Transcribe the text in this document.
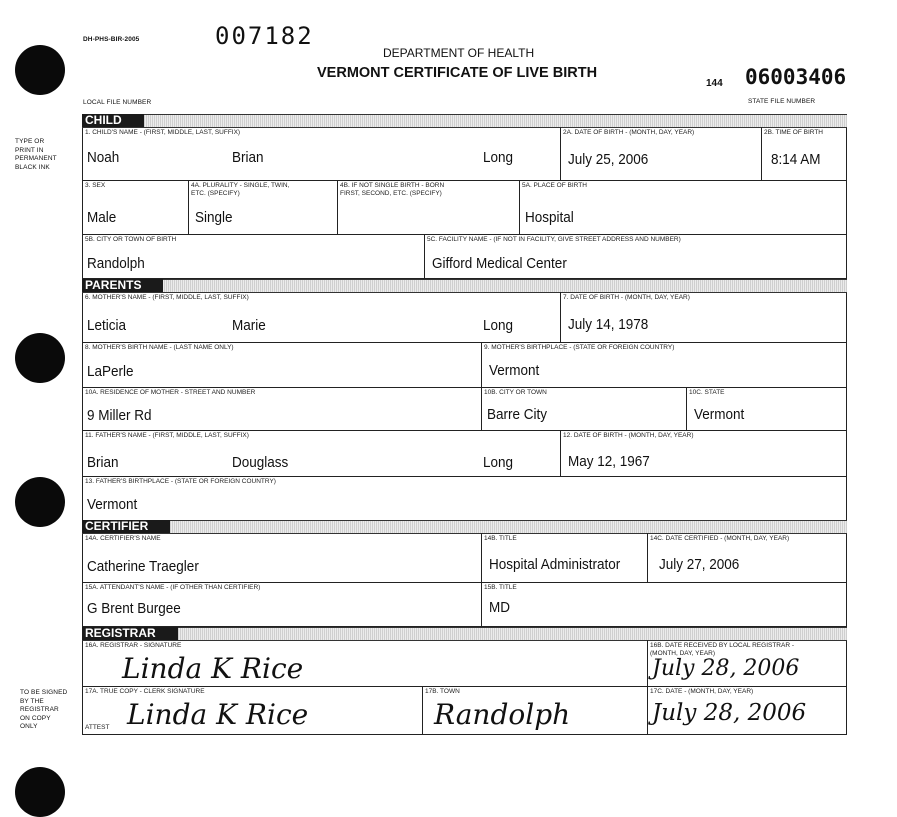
DH-PHS-BIR-2005	007182
DEPARTMENT OF HEALTH
VERMONT CERTIFICATE OF LIVE BIRTH
144 06003406
LOCAL FILE NUMBER	STATE FILE NUMBER
TYPE OR
PRINT IN
PERMANENT
BLACK INK
TO BE SIGNED
BY THE
REGISTRAR
ON COPY
ONLY
CHILD
1. CHILD'S NAME - (FIRST, MIDDLE, LAST, SUFFIX)
Noah	Brian	Long
2A. DATE OF BIRTH - (MONTH, DAY, YEAR)
July 25, 2006
2B. TIME OF BIRTH
8:14 AM
3. SEX
Male
4A. PLURALITY - SINGLE, TWIN, ETC. (SPECIFY)
Single
4B. IF NOT SINGLE BIRTH - BORN FIRST, SECOND, ETC. (SPECIFY)
5A. PLACE OF BIRTH
Hospital
5B. CITY OR TOWN OF BIRTH
Randolph
5C. FACILITY NAME - (IF NOT IN FACILITY, GIVE STREET ADDRESS AND NUMBER)
Gifford Medical Center
PARENTS
6. MOTHER'S NAME - (FIRST, MIDDLE, LAST, SUFFIX)
Leticia	Marie	Long
7. DATE OF BIRTH - (MONTH, DAY, YEAR)
July 14, 1978
8. MOTHER'S BIRTH NAME - (LAST NAME ONLY)
LaPerle
9. MOTHER'S BIRTHPLACE - (STATE OR FOREIGN COUNTRY)
Vermont
10A. RESIDENCE OF MOTHER - STREET AND NUMBER
9 Miller Rd
10B. CITY OR TOWN
Barre City
10C. STATE
Vermont
11. FATHER'S NAME - (FIRST, MIDDLE, LAST, SUFFIX)
Brian	Douglass	Long
12. DATE OF BIRTH - (MONTH, DAY, YEAR)
May 12, 1967
13. FATHER'S BIRTHPLACE - (STATE OR FOREIGN COUNTRY)
Vermont
CERTIFIER
14A. CERTIFIER'S NAME
Catherine Traegler
14B. TITLE
Hospital Administrator
14C. DATE CERTIFIED - (MONTH, DAY, YEAR)
July 27, 2006
15A. ATTENDANT'S NAME - (IF OTHER THAN CERTIFIER)
G Brent Burgee
15B. TITLE
MD
REGISTRAR
16A. REGISTRAR - SIGNATURE
Linda K Rice
16B. DATE RECEIVED BY LOCAL REGISTRAR - (MONTH, DAY, YEAR)
July 28, 2006
17A. TRUE COPY - CLERK SIGNATURE
ATTEST Linda K Rice
17B. TOWN
Randolph
17C. DATE - (MONTH, DAY, YEAR)
July 28, 2006
